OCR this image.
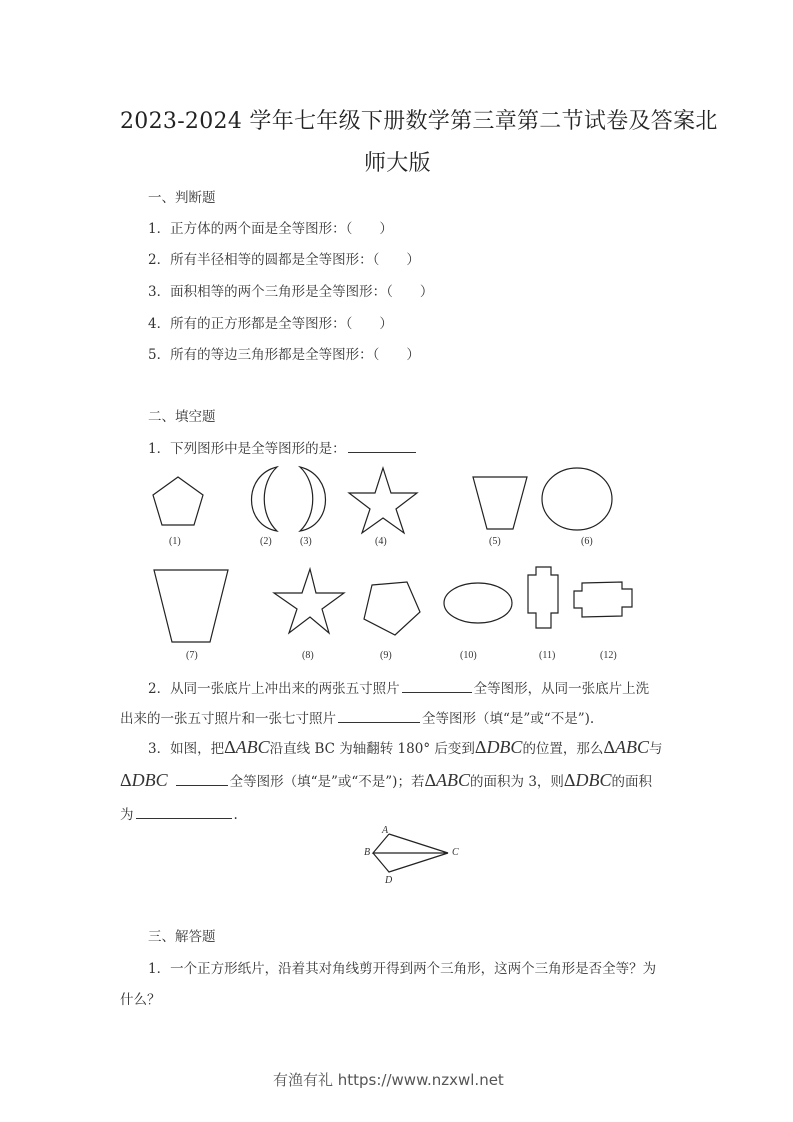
2023-2024 学年七年级下册数学第三章第二节试卷及答案北
师大版
一、判断题
1．正方体的两个面是全等图形：（　　）
2．所有半径相等的圆都是全等图形：（　　）
3．面积相等的两个三角形是全等图形：（　　）
4．所有的正方形都是全等图形：（　　）
5．所有的等边三角形都是全等图形：（　　）
二、填空题
1．下列图形中是全等图形的是：
(1)	(2)	(3)	(4)	(5)	(6)
(7)	(8)	(9)	(10)	(11)	(12)
2．从同一张底片上冲出来的两张五寸照片	全等图形，从同一张底片上洗
出来的一张五寸照片和一张七寸照片	全等图形（填“是”或“不是”).
3．如图，把ΔABC沿直线 BC 为轴翻转 180° 后变到ΔDBC的位置，那么ΔABC与
ΔDBC	全等图形（填“是”或“不是”)；若ΔABC的面积为 3，则ΔDBC的面积
为	.
A
B	C
D
三、解答题
1．一个正方形纸片，沿着其对角线剪开得到两个三角形，这两个三角形是否全等？为
什么？
有渔有礼 https://www.nzxwl.net
